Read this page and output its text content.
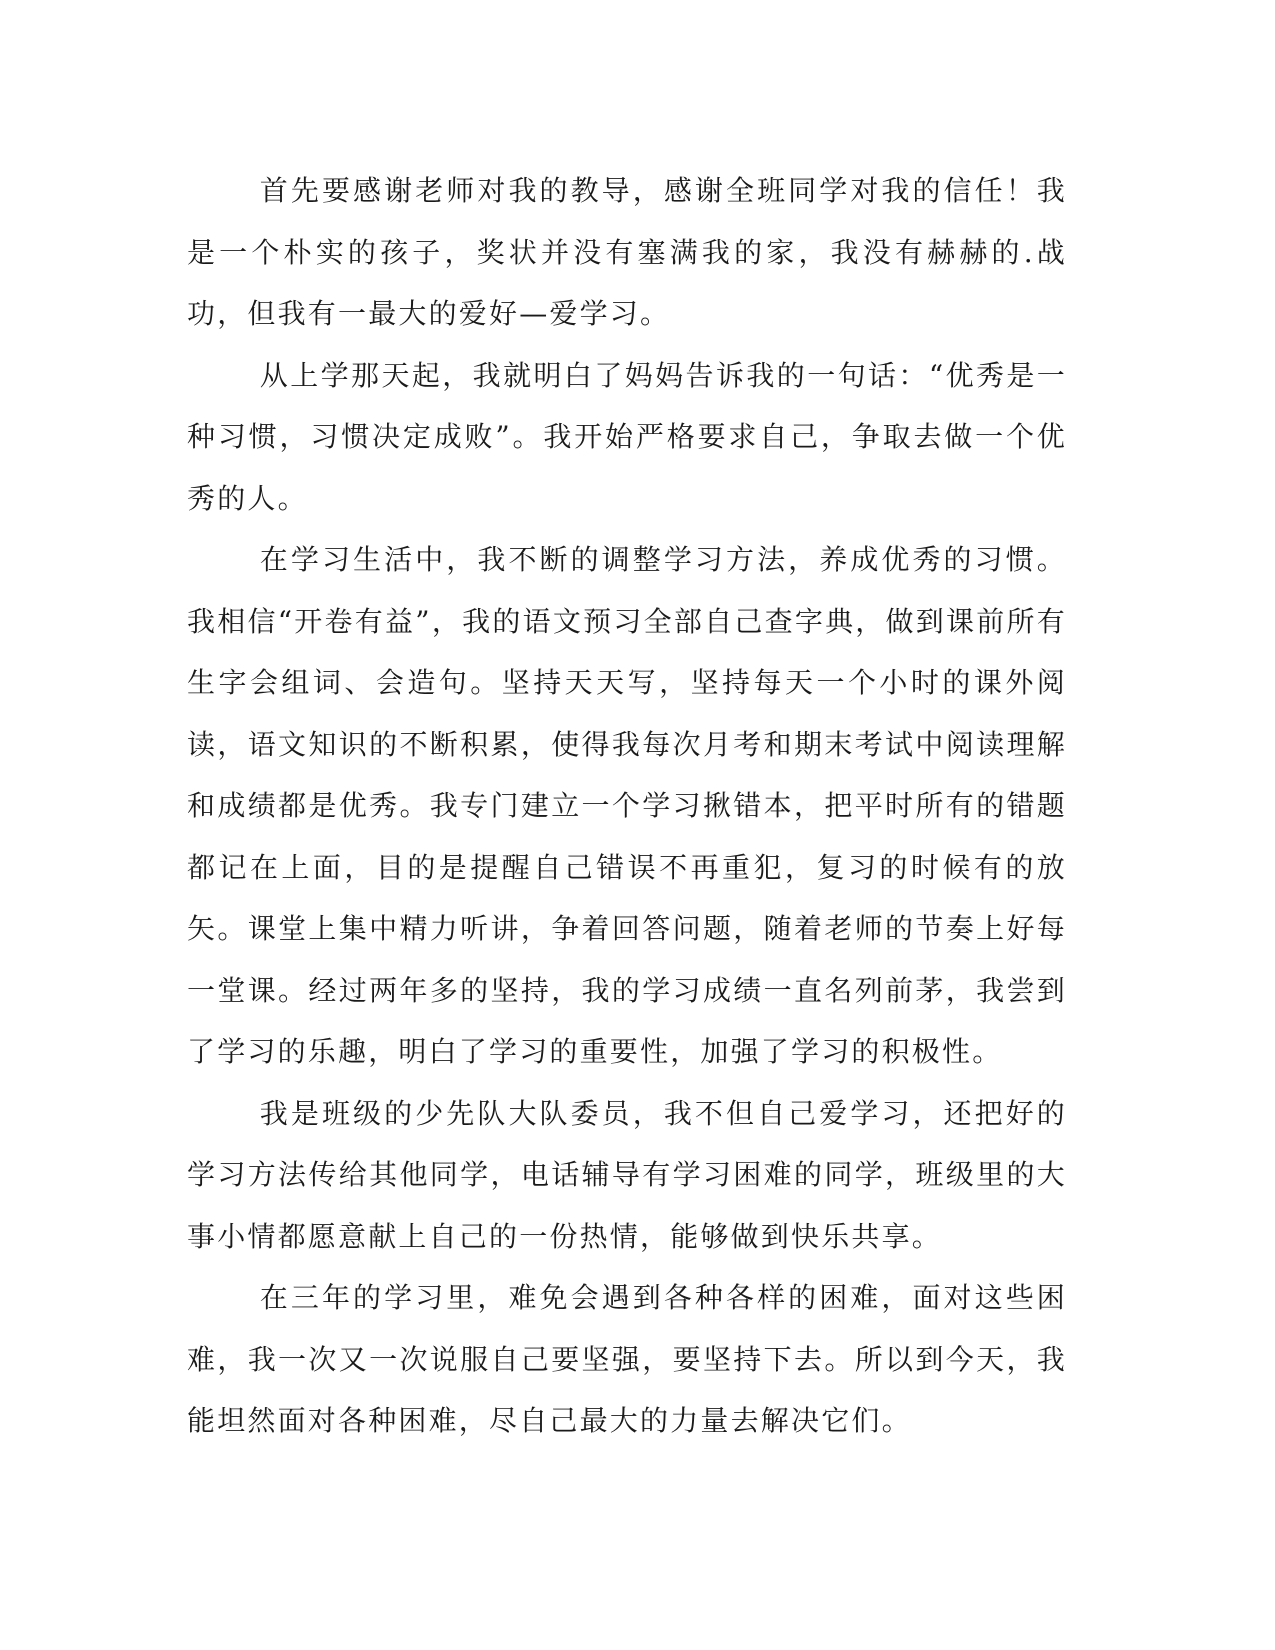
首先要感谢老师对我的教导，感谢全班同学对我的信任！我是一个朴实的孩子，奖状并没有塞满我的家，我没有赫赫的.战功，但我有一最大的爱好—爱学习。

从上学那天起，我就明白了妈妈告诉我的一句话：“优秀是一种习惯，习惯决定成败”。我开始严格要求自己，争取去做一个优秀的人。

在学习生活中，我不断的调整学习方法，养成优秀的习惯。我相信“开卷有益”，我的语文预习全部自己查字典，做到课前所有生字会组词、会造句。坚持天天写，坚持每天一个小时的课外阅读，语文知识的不断积累，使得我每次月考和期末考试中阅读理解和成绩都是优秀。我专门建立一个学习揪错本，把平时所有的错题都记在上面，目的是提醒自己错误不再重犯，复习的时候有的放矢。课堂上集中精力听讲，争着回答问题，随着老师的节奏上好每一堂课。经过两年多的坚持，我的学习成绩一直名列前茅，我尝到了学习的乐趣，明白了学习的重要性，加强了学习的积极性。

我是班级的少先队大队委员，我不但自己爱学习，还把好的学习方法传给其他同学，电话辅导有学习困难的同学，班级里的大事小情都愿意献上自己的一份热情，能够做到快乐共享。

在三年的学习里，难免会遇到各种各样的困难，面对这些困难，我一次又一次说服自己要坚强，要坚持下去。所以到今天，我能坦然面对各种困难，尽自己最大的力量去解决它们。
